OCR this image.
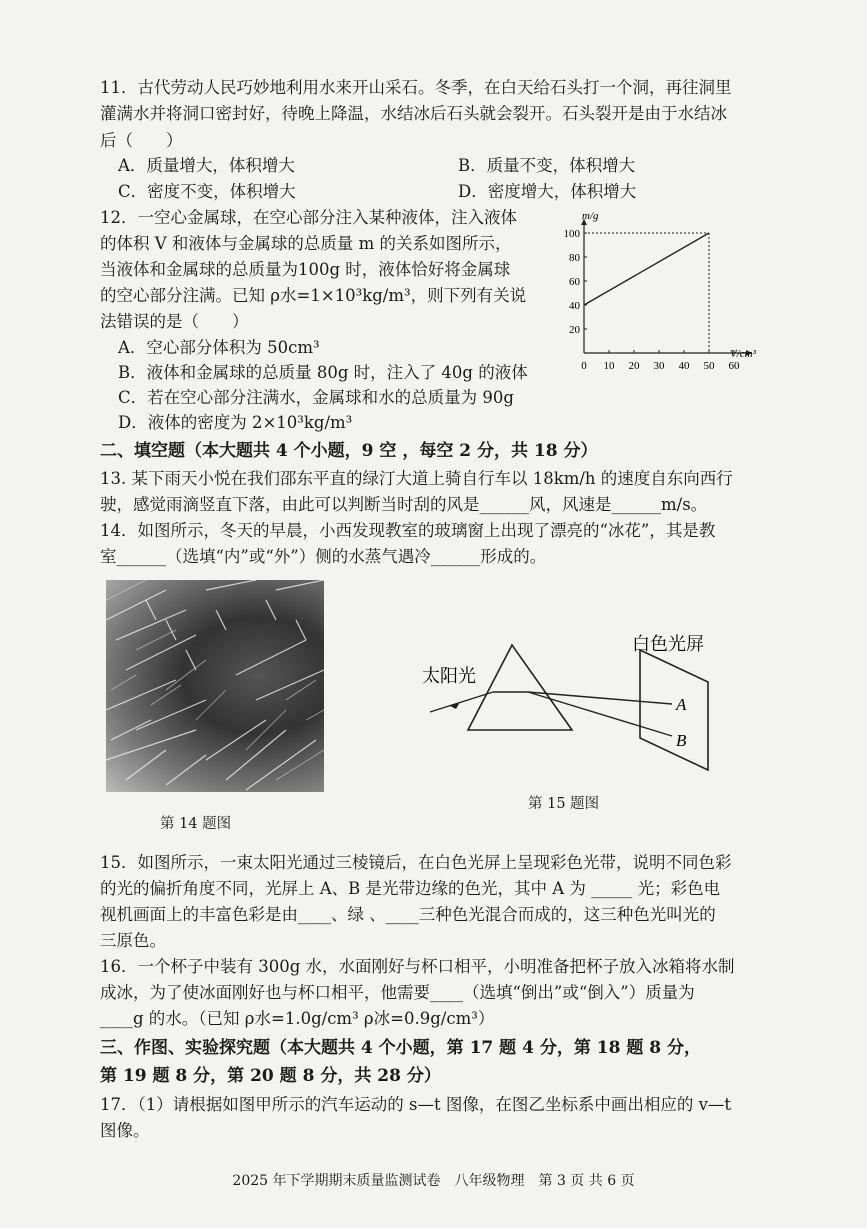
11．古代劳动人民巧妙地利用水来开山采石。冬季，在白天给石头打一个洞，再往洞里
灌满水并将洞口密封好，待晚上降温，水结冰后石头就会裂开。石头裂开是由于水结冰
后（　　）
A．质量增大，体积增大	B．质量不变，体积增大
C．密度不变，体积增大	D．密度增大，体积增大
12．一空心金属球，在空心部分注入某种液体，注入液体
的体积 V 和液体与金属球的总质量 m 的关系如图所示，
当液体和金属球的总质量为100g 时，液体恰好将金属球
的空心部分注满。已知 ρ水=1×10³kg/m³，则下列有关说
法错误的是（　　）
A．空心部分体积为 50cm³
B．液体和金属球的总质量 80g 时，注入了 40g 的液体
C．若在空心部分注满水，金属球和水的总质量为 90g
D．液体的密度为 2×10³kg/m³
0 10 20 30 40 50 60
20
40
60
80
100
m/g
V/cm³
二、填空题（本大题共 4 个小题，9 空 ，每空 2 分，共 18 分）
13. 某下雨天小悦在我们邵东平直的绿汀大道上骑自行车以 18km/h 的速度自东向西行
驶，感觉雨滴竖直下落，由此可以判断当时刮的风是______风，风速是______m/s。
14．如图所示，冬天的早晨，小西发现教室的玻璃窗上出现了漂亮的“冰花”，其是教
室______（选填“内”或“外”）侧的水蒸气遇冷______形成的。
第 14 题图
太阳光
白色光屏
A
B
第 15 题图
15．如图所示，一束太阳光通过三棱镜后，在白色光屏上呈现彩色光带，说明不同色彩
的光的偏折角度不同，光屏上 A、B 是光带边缘的色光，其中 A 为 _____ 光；彩色电
视机画面上的丰富色彩是由____、绿 、____三种色光混合而成的，这三种色光叫光的
三原色。
16．一个杯子中装有 300g 水，水面刚好与杯口相平，小明准备把杯子放入冰箱将水制
成冰，为了使冰面刚好也与杯口相平，他需要____（选填“倒出”或“倒入”）质量为
____g 的水。（已知 ρ水=1.0g/cm³ ρ冰=0.9g/cm³）
三、作图、实验探究题（本大题共 4 个小题，第 17 题 4 分，第 18 题 8 分，
第 19 题 8 分，第 20 题 8 分，共 28 分）
17．（1）请根据如图甲所示的汽车运动的 s—t 图像，在图乙坐标系中画出相应的 v—t
图像。
2025 年下学期期末质量监测试卷　八年级物理　第 3 页 共 6 页
